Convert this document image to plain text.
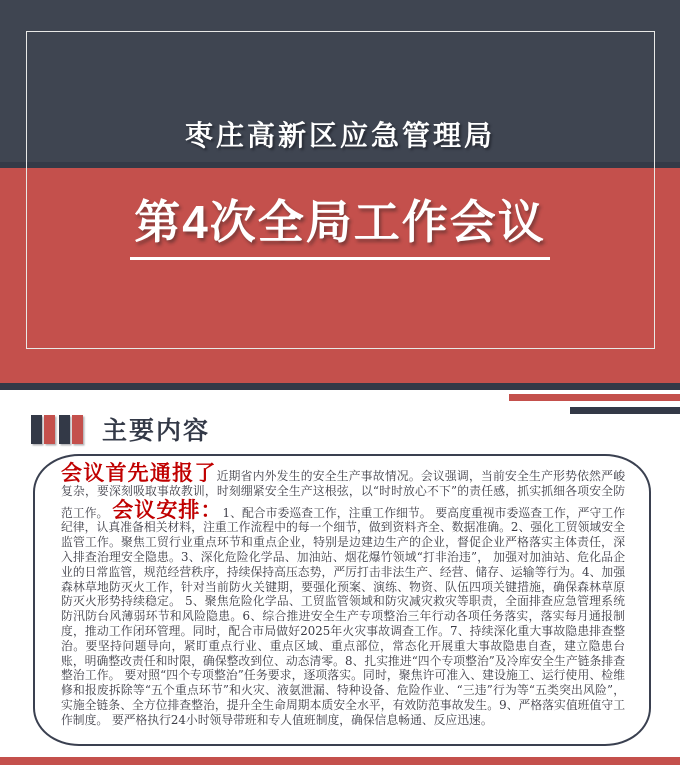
枣庄高新区应急管理局
第4次全局工作会议
主要内容

会议首先通报了近期省内外发生的安全生产事故情况。会议强调，当前安全生产形势依然严峻复杂，要深刻吸取事故教训，时刻绷紧安全生产这根弦，以“时时放心不下”的责任感，抓实抓细各项安全防范工作。 会议安排：1、配合市委巡查工作，注重工作细节。 要高度重视市委巡查工作，严守工作纪律，认真准备相关材料，注重工作流程中的每一个细节，做到资料齐全、数据准确。2、强化工贸领域安全监管工作。聚焦工贸行业重点环节和重点企业，特别是边建边生产的企业，督促企业严格落实主体责任，深入排查治理安全隐患。3、深化危险化学品、加油站、烟花爆竹领域“打非治违”， 加强对加油站、危化品企业的日常监管，规范经营秩序，持续保持高压态势，严厉打击非法生产、经营、储存、运输等行为。4、加强森林草地防灭火工作，针对当前防火关键期，要强化预案、演练、物资、队伍四项关键措施，确保森林草原防灭火形势持续稳定。 5、聚焦危险化学品、工贸监管领域和防灾减灾救灾等职责，全面排查应急管理系统防汛防台风薄弱环节和风险隐患。6、综合推进安全生产专项整治三年行动各项任务落实，落实每月通报制度，推动工作闭环管理。同时，配合市局做好2025年火灾事故调查工作。7、持续深化重大事故隐患排查整治。要坚持问题导向，紧盯重点行业、重点区域、重点部位，常态化开展重大事故隐患自查，建立隐患台账，明确整改责任和时限，确保整改到位、动态清零。8、扎实推进“四个专项整治”及冷库安全生产链条排查整治工作。 要对照“四个专项整治”任务要求，逐项落实。同时，聚焦许可准入、建设施工、运行使用、检维修和报废拆除等“五个重点环节”和火灾、液氨泄漏、特种设备、危险作业、“三违”行为等“五类突出风险”，实施全链条、全方位排查整治，提升全生命周期本质安全水平，有效防范事故发生。9、严格落实值班值守工作制度。 要严格执行24小时领导带班和专人值班制度，确保信息畅通、反应迅速。
